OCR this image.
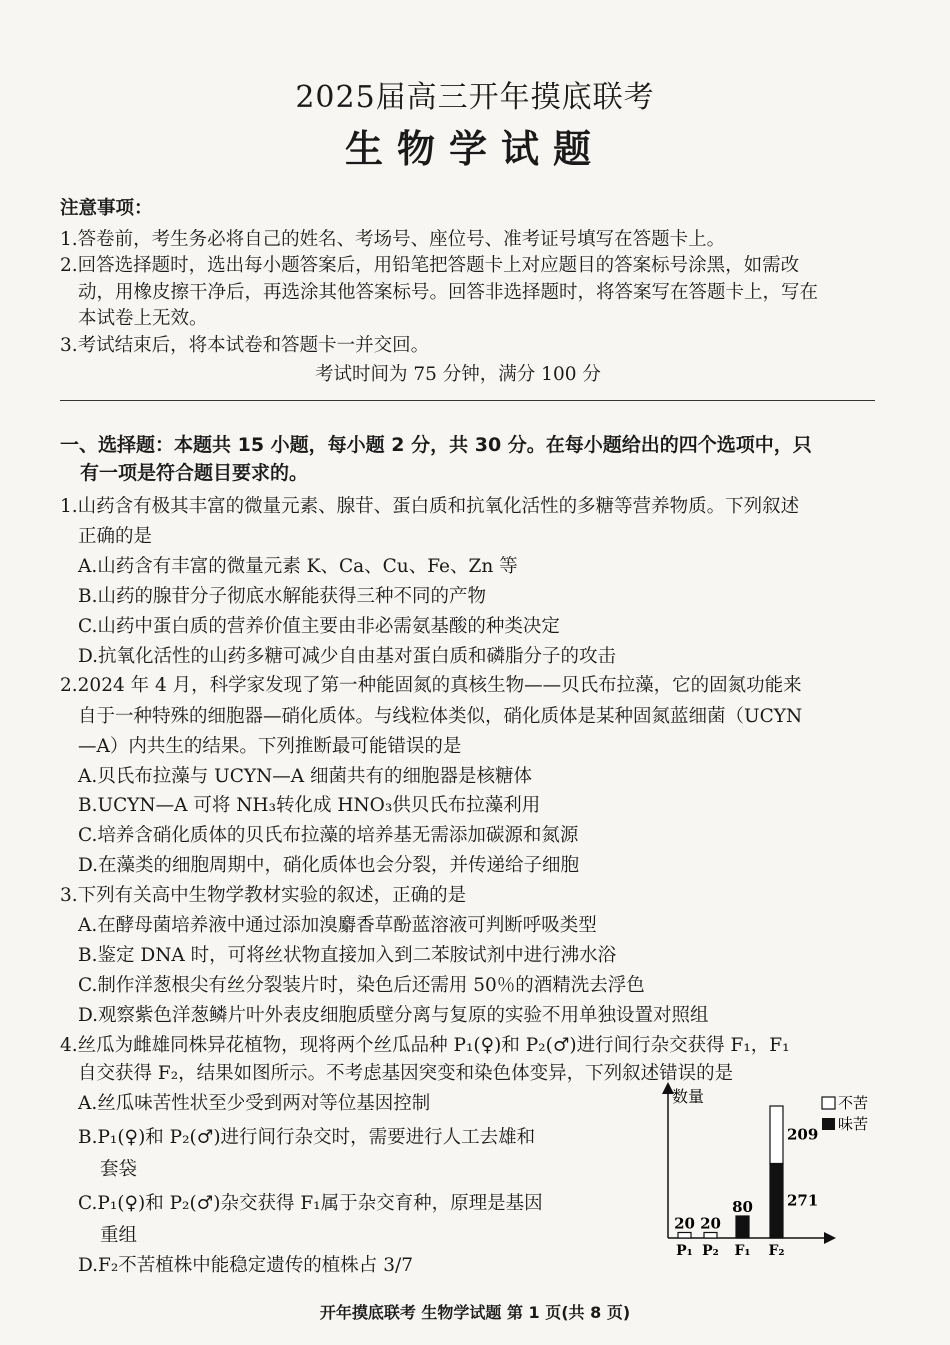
2025届高三开年摸底联考
生物学试题
注意事项：
1.答卷前，考生务必将自己的姓名、考场号、座位号、准考证号填写在答题卡上。
2.回答选择题时，选出每小题答案后，用铅笔把答题卡上对应题目的答案标号涂黑，如需改
动，用橡皮擦干净后，再选涂其他答案标号。回答非选择题时，将答案写在答题卡上，写在
本试卷上无效。
3.考试结束后，将本试卷和答题卡一并交回。
考试时间为 75 分钟，满分 100 分
一、选择题：本题共 15 小题，每小题 2 分，共 30 分。在每小题给出的四个选项中，只
有一项是符合题目要求的。
1.山药含有极其丰富的微量元素、腺苷、蛋白质和抗氧化活性的多糖等营养物质。下列叙述
正确的是
A.山药含有丰富的微量元素 K、Ca、Cu、Fe、Zn 等
B.山药的腺苷分子彻底水解能获得三种不同的产物
C.山药中蛋白质的营养价值主要由非必需氨基酸的种类决定
D.抗氧化活性的山药多糖可减少自由基对蛋白质和磷脂分子的攻击
2.2024 年 4 月，科学家发现了第一种能固氮的真核生物——贝氏布拉藻，它的固氮功能来
自于一种特殊的细胞器—硝化质体。与线粒体类似，硝化质体是某种固氮蓝细菌（UCYN
—A）内共生的结果。下列推断最可能错误的是
A.贝氏布拉藻与 UCYN—A 细菌共有的细胞器是核糖体
B.UCYN—A 可将 NH₃转化成 HNO₃供贝氏布拉藻利用
C.培养含硝化质体的贝氏布拉藻的培养基无需添加碳源和氮源
D.在藻类的细胞周期中，硝化质体也会分裂，并传递给子细胞
3.下列有关高中生物学教材实验的叙述，正确的是
A.在酵母菌培养液中通过添加溴麝香草酚蓝溶液可判断呼吸类型
B.鉴定 DNA 时，可将丝状物直接加入到二苯胺试剂中进行沸水浴
C.制作洋葱根尖有丝分裂装片时，染色后还需用 50％的酒精洗去浮色
D.观察紫色洋葱鳞片叶外表皮细胞质壁分离与复原的实验不用单独设置对照组
4.丝瓜为雌雄同株异花植物，现将两个丝瓜品种 P₁(♀)和 P₂(♂)进行间行杂交获得 F₁，F₁
自交获得 F₂，结果如图所示。不考虑基因突变和染色体变异，下列叙述错误的是
A.丝瓜味苦性状至少受到两对等位基因控制
B.P₁(♀)和 P₂(♂)进行间行杂交时，需要进行人工去雄和
套袋
C.P₁(♀)和 P₂(♂)杂交获得 F₁属于杂交育种，原理是基因
重组
D.F₂不苦植株中能稳定遗传的植株占 3/7
数量
20
P₁
20
P₂
80
F₁
271
209
F₂
不苦
味苦
开年摸底联考 生物学试题 第 1 页(共 8 页)
